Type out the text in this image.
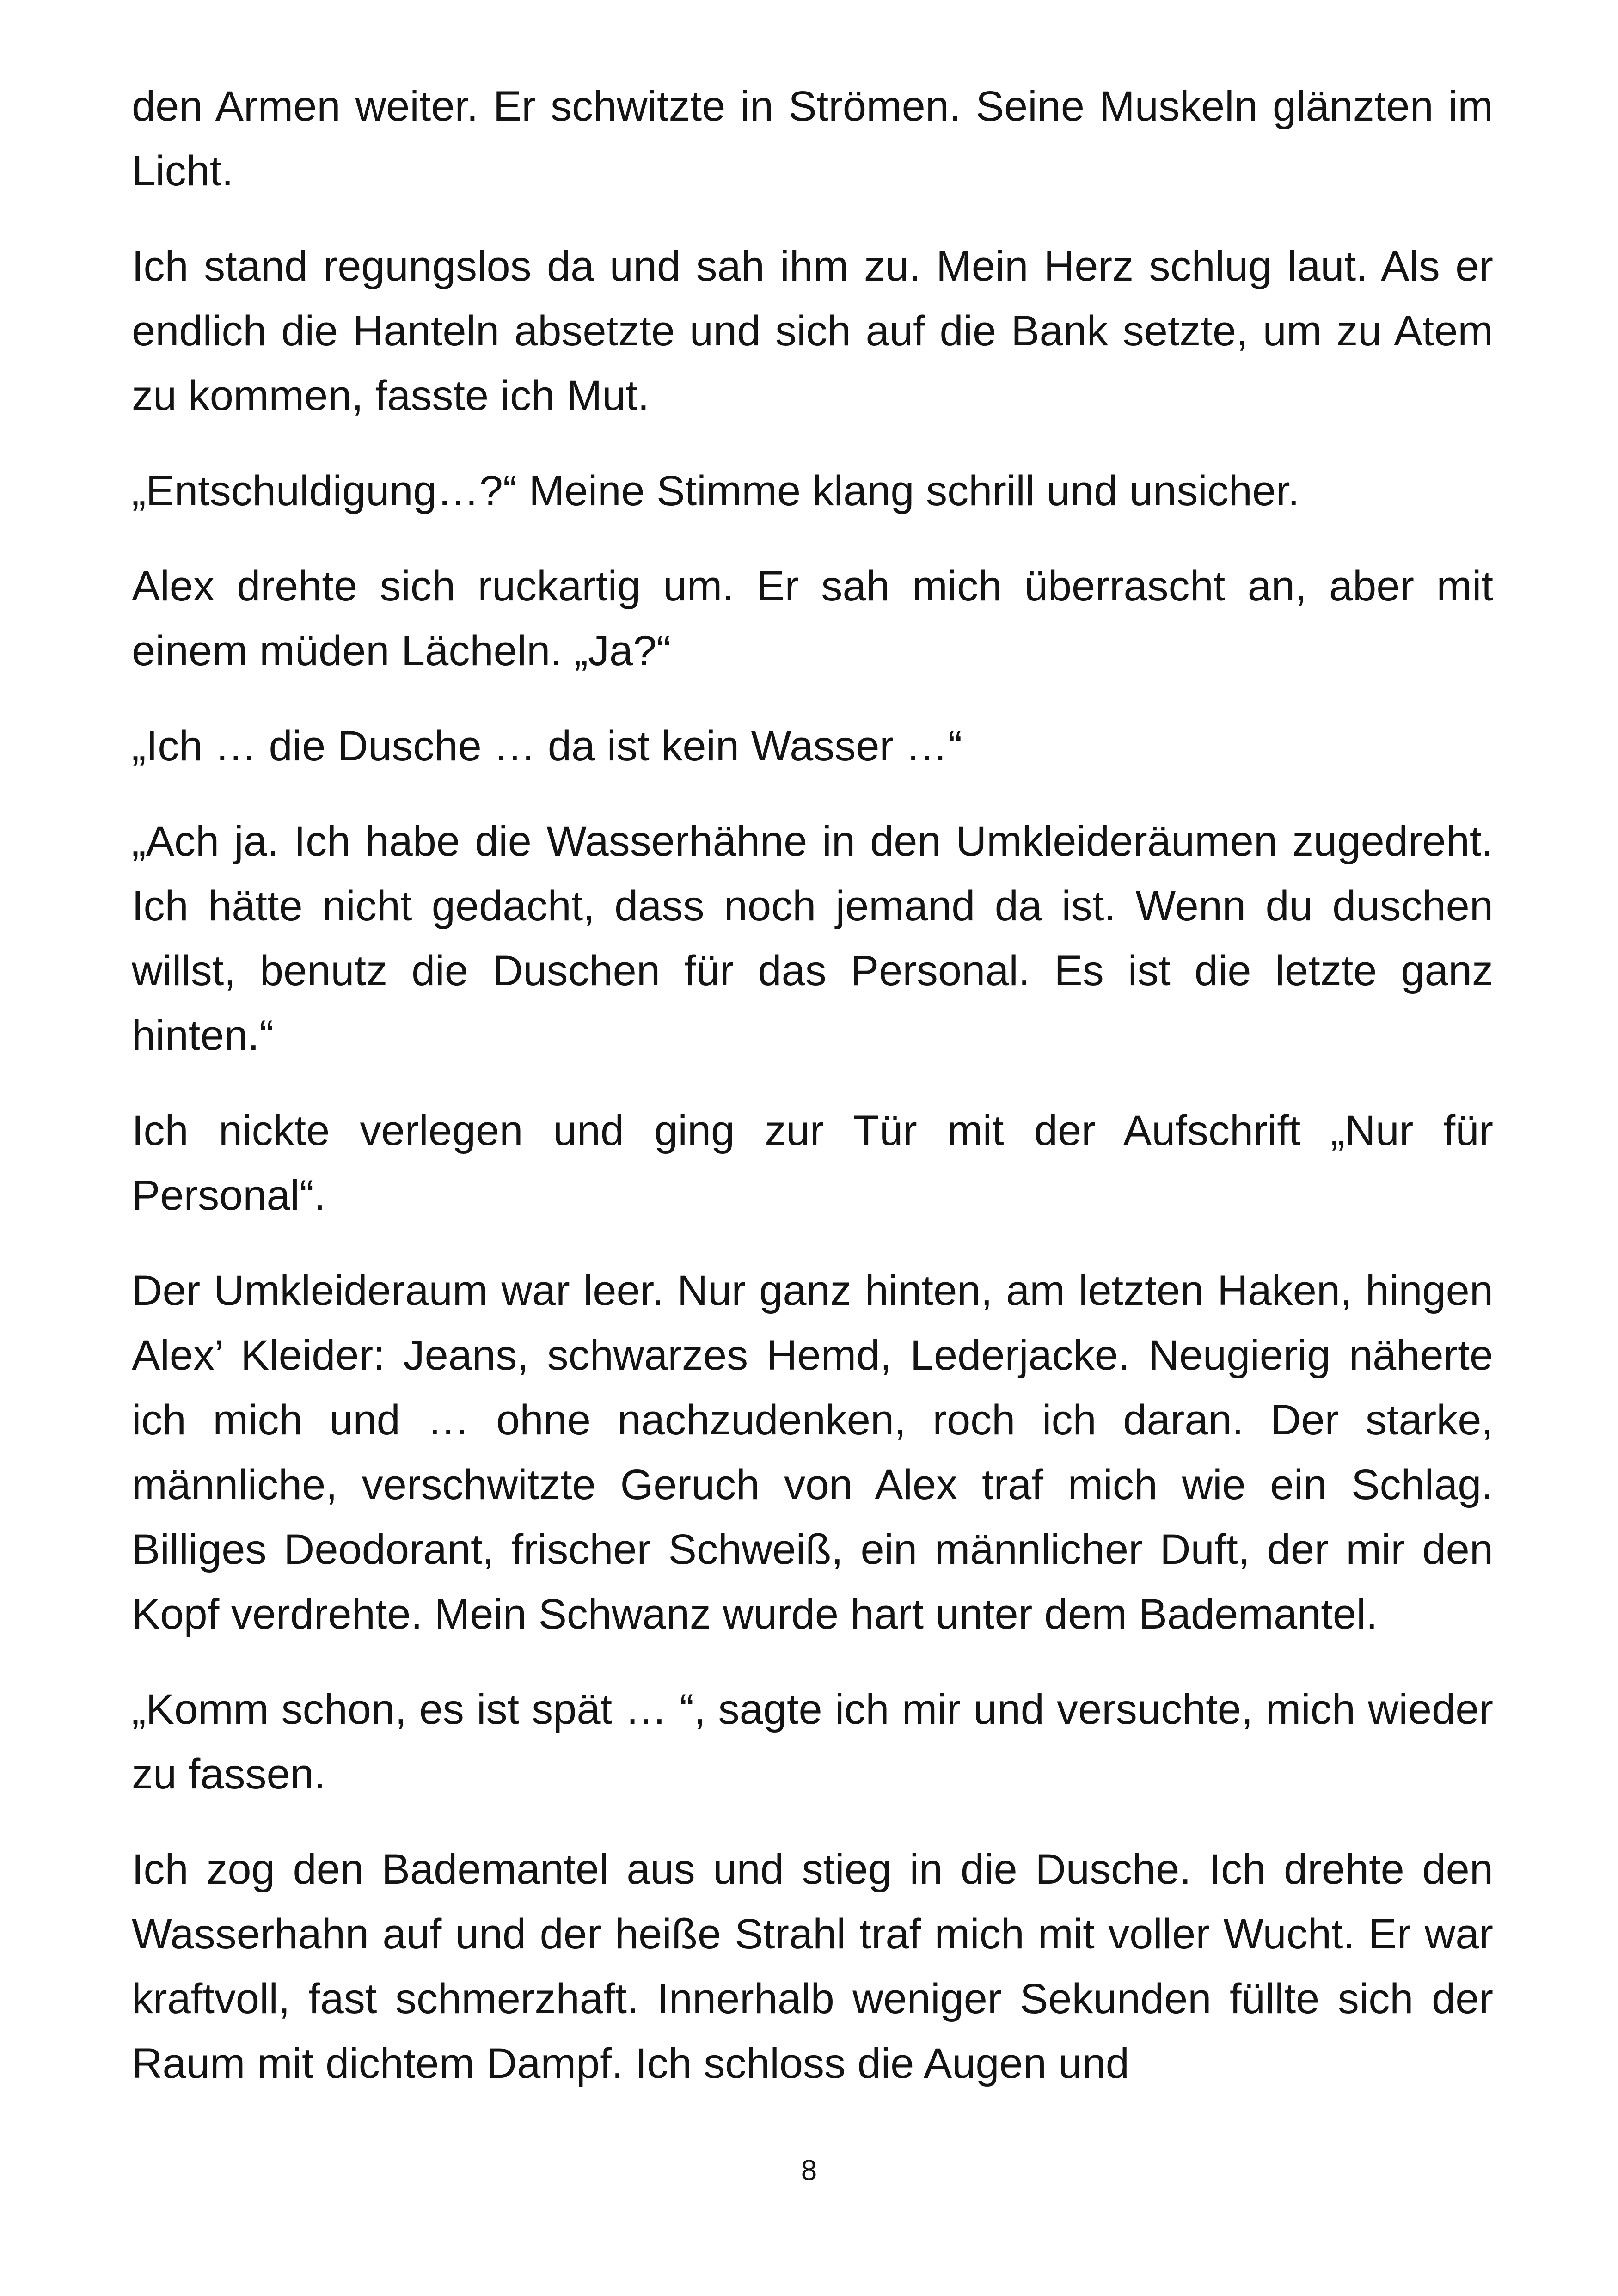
den Armen weiter. Er schwitzte in Strömen. Seine Muskeln glänzten im Licht.

Ich stand regungslos da und sah ihm zu. Mein Herz schlug laut. Als er endlich die Hanteln absetzte und sich auf die Bank setzte, um zu Atem zu kommen, fasste ich Mut.

„Entschuldigung…?“ Meine Stimme klang schrill und unsicher.

Alex drehte sich ruckartig um. Er sah mich überrascht an, aber mit einem müden Lächeln. „Ja?“

„Ich … die Dusche … da ist kein Wasser …“

„Ach ja. Ich habe die Wasserhähne in den Umkleideräumen zugedreht. Ich hätte nicht gedacht, dass noch jemand da ist. Wenn du duschen willst, benutz die Duschen für das Personal. Es ist die letzte ganz hinten.“

Ich nickte verlegen und ging zur Tür mit der Aufschrift „Nur für Personal“.

Der Umkleideraum war leer. Nur ganz hinten, am letzten Haken, hingen Alex’ Kleider: Jeans, schwarzes Hemd, Lederjacke. Neugierig näherte ich mich und … ohne nachzudenken, roch ich daran. Der starke, männliche, verschwitzte Geruch von Alex traf mich wie ein Schlag. Billiges Deodorant, frischer Schweiß, ein männlicher Duft, der mir den Kopf verdrehte. Mein Schwanz wurde hart unter dem Bademantel.

„Komm schon, es ist spät … “, sagte ich mir und versuchte, mich wieder zu fassen.

Ich zog den Bademantel aus und stieg in die Dusche. Ich drehte den Wasserhahn auf und der heiße Strahl traf mich mit voller Wucht. Er war kraftvoll, fast schmerzhaft. Innerhalb weniger Sekunden füllte sich der Raum mit dichtem Dampf. Ich schloss die Augen und

8
